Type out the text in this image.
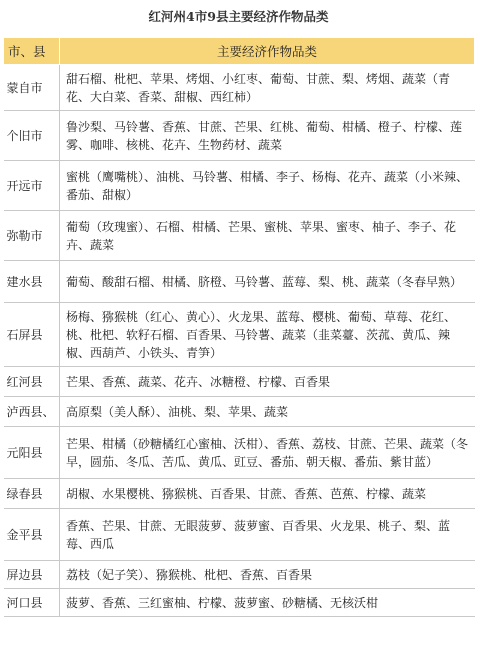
红河州4市9县主要经济作物品类
市、县	主要经济作物品类
蒙自市	甜石榴、枇杷、苹果、烤烟、小红枣、葡萄、甘蔗、梨、烤烟、蔬菜（青花、大白菜、香菜、甜椒、西红柿）
个旧市	鲁沙梨、马铃薯、香蕉、甘蔗、芒果、红桃、葡萄、柑橘、橙子、柠檬、莲雾、咖啡、核桃、花卉、生物药材、蔬菜
开远市	蜜桃（鹰嘴桃）、油桃、马铃薯、柑橘、李子、杨梅、花卉、蔬菜（小米辣、番茄、甜椒）
弥勒市	葡萄（玫瑰蜜）、石榴、柑橘、芒果、蜜桃、苹果、蜜枣、柚子、李子、花卉、蔬菜
建水县	葡萄、酸甜石榴、柑橘、脐橙、马铃薯、蓝莓、梨、桃、蔬菜（冬春早熟）
石屏县	杨梅、猕猴桃（红心、黄心）、火龙果、蓝莓、樱桃、葡萄、草莓、花红、桃、枇杷、软籽石榴、百香果、马铃薯、蔬菜（韭菜薹、茨菰、黄瓜、辣椒、西葫芦、小铁头、青笋）
红河县	芒果、香蕉、蔬菜、花卉、冰糖橙、柠檬、百香果
泸西县、	高原梨（美人酥）、油桃、梨、苹果、蔬菜
元阳县	芒果、柑橘（砂糖橘红心蜜柚、沃柑）、香蕉、荔枝、甘蔗、芒果、蔬菜（冬早，圆茄、冬瓜、苦瓜、黄瓜、豇豆、番茄、朝天椒、番茄、紫甘蓝）
绿春县	胡椒、水果樱桃、猕猴桃、百香果、甘蔗、香蕉、芭蕉、柠檬、蔬菜
金平县	香蕉、芒果、甘蔗、无眼菠萝、菠萝蜜、百香果、火龙果、桃子、梨、蓝莓、西瓜
屏边县	荔枝（妃子笑）、猕猴桃、枇杷、香蕉、百香果
河口县	菠萝、香蕉、三红蜜柚、柠檬、菠萝蜜、砂糖橘、无核沃柑
